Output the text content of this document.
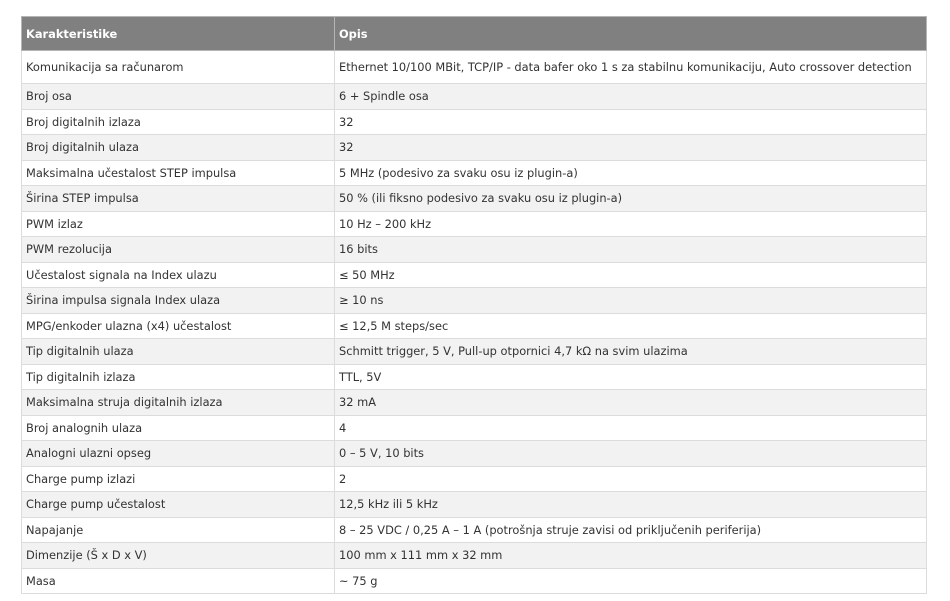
Karakteristike	Opis
Komunikacija sa računarom	Ethernet 10/100 MBit, TCP/IP - data bafer oko 1 s za stabilnu komunikaciju, Auto crossover detection
Broj osa	6 + Spindle osa
Broj digitalnih izlaza	32
Broj digitalnih ulaza	32
Maksimalna učestalost STEP impulsa	5 MHz (podesivo za svaku osu iz plugin-a)
Širina STEP impulsa	50 % (ili fiksno podesivo za svaku osu iz plugin-a)
PWM izlaz	10 Hz – 200 kHz
PWM rezolucija	16 bits
Učestalost signala na Index ulazu	≤ 50 MHz
Širina impulsa signala Index ulaza	≥ 10 ns
MPG/enkoder ulazna (x4) učestalost	≤ 12,5 M steps/sec
Tip digitalnih ulaza	Schmitt trigger, 5 V, Pull-up otpornici 4,7 kΩ na svim ulazima
Tip digitalnih izlaza	TTL, 5V
Maksimalna struja digitalnih izlaza	32 mA
Broj analognih ulaza	4
Analogni ulazni opseg	0 – 5 V, 10 bits
Charge pump izlazi	2
Charge pump učestalost	12,5 kHz ili 5 kHz
Napajanje	8 – 25 VDC / 0,25 A – 1 A (potrošnja struje zavisi od priključenih periferija)
Dimenzije (Š x D x V)	100 mm x 111 mm x 32 mm
Masa	~ 75 g
